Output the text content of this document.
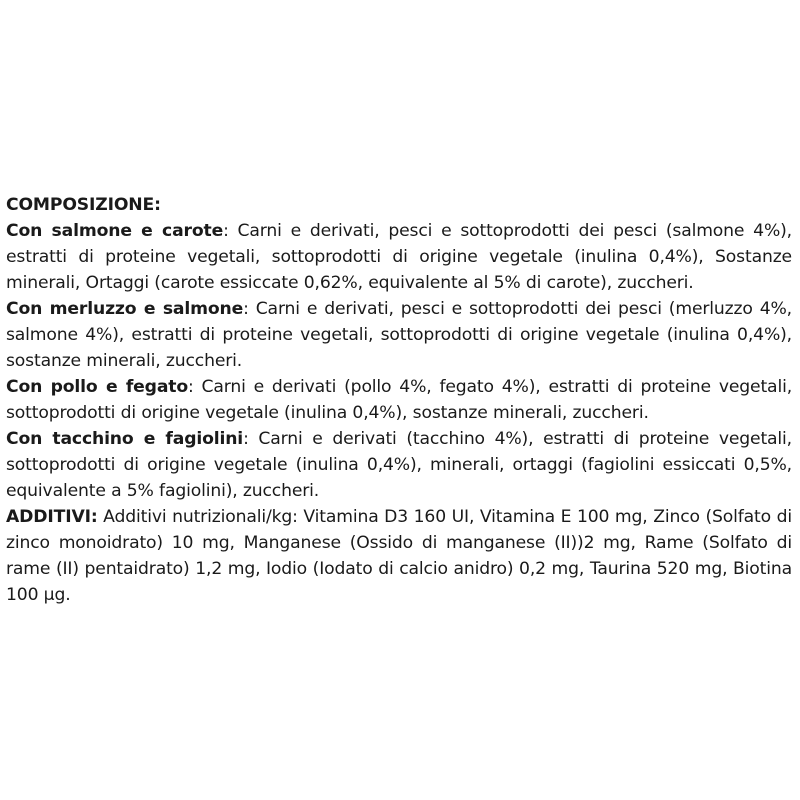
COMPOSIZIONE:

Con salmone e carote: Carni e derivati, pesci e sottoprodotti dei pesci (salmone 4%), estratti di proteine vegetali, sottoprodotti di origine vegetale (inulina 0,4%), Sostanze minerali, Ortaggi (carote essiccate 0,62%, equivalente al 5% di carote), zuccheri.

Con merluzzo e salmone: Carni e derivati, pesci e sottoprodotti dei pesci (merluzzo 4%, salmone 4%), estratti di proteine vegetali, sottoprodotti di origine vegetale (inulina 0,4%), sostanze minerali, zuccheri.

Con pollo e fegato: Carni e derivati (pollo 4%, fegato 4%), estratti di proteine vegetali, sottoprodotti di origine vegetale (inulina 0,4%), sostanze minerali, zuccheri.

Con tacchino e fagiolini: Carni e derivati (tacchino 4%), estratti di proteine vegetali, sottoprodotti di origine vegetale (inulina 0,4%), minerali, ortaggi (fagiolini essiccati 0,5%, equivalente a 5% fagiolini), zuccheri.

ADDITIVI: Additivi nutrizionali/kg: Vitamina D3 160 UI, Vitamina E 100 mg, Zinco (Solfato di zinco monoidrato) 10 mg, Manganese (Ossido di manganese (II))2 mg, Rame (Solfato di rame (II) pentaidrato) 1,2 mg, Iodio (Iodato di calcio anidro) 0,2 mg, Taurina 520 mg, Biotina 100 µg.
